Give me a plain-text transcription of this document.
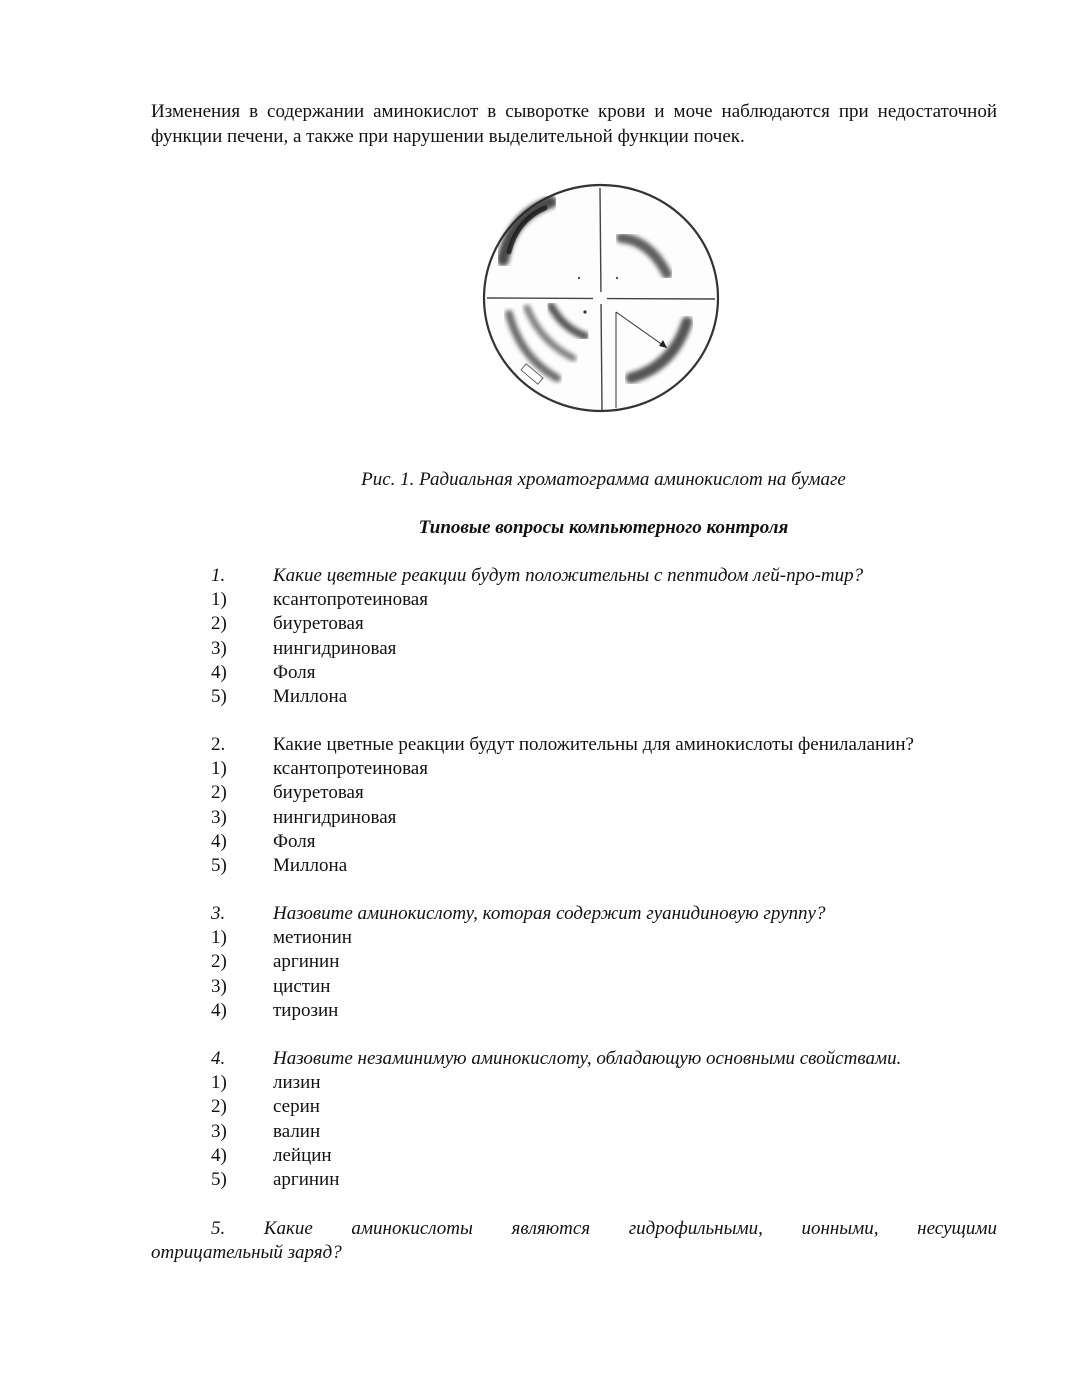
Изменения в содержании аминокислот в сыворотке крови и моче наблюдаются при недостаточной функции печени, а также при нарушении выделительной функции почек.
Рис. 1. Радиальная хроматограмма аминокислот на бумаге
Типовые вопросы компьютерного контроля
1.	Какие цветные реакции будут положительны с пептидом лей-про-тир?
1) ксантопротеиновая
2) биуретовая
3) нингидриновая
4) Фоля
5) Миллона
2.	Какие цветные реакции будут положительны для аминокислоты фенилаланин?
1) ксантопротеиновая
2) биуретовая
3) нингидриновая
4) Фоля
5) Миллона
3.	Назовите аминокислоту, которая содержит гуанидиновую группу?
1) метионин
2) аргинин
3) цистин
4) тирозин
4.	Назовите незаминимую аминокислоту, обладающую основными свойствами.
1) лизин
2) серин
3) валин
4) лейцин
5) аргинин
5. Какие аминокислоты являются гидрофильными, ионными, несущими
отрицательный заряд?
